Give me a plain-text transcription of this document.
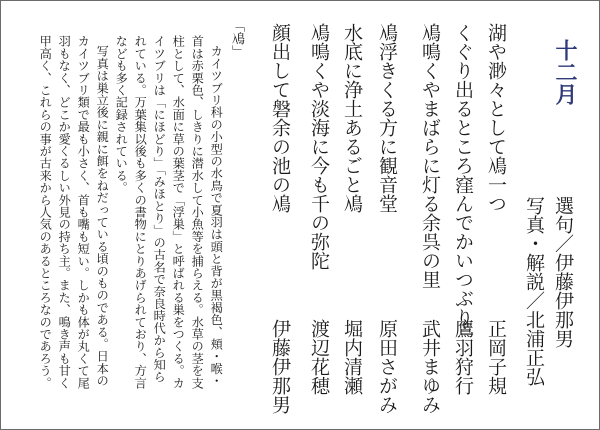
十二月
選句／伊藤伊那男
写真・解説／北浦正弘
湖や渺々として鳰一つ
正岡子規
くぐり出るところ窪んでかいつぶり
鷹羽狩行
鳰鳴くやまばらに灯る余呉の里
武井まゆみ
鳰浮きくる方に観音堂
原田さがみ
水底に浄土あるごと鳰
堀内清瀬
鳰鳴くや淡海に今も千の弥陀
渡辺花穂
顔出して磐余の池の鳰
伊藤伊那男
「鳰」
カイツブリ科の小型の水鳥で夏羽は頭と背が黒褐色、頬・喉・
首は赤栗色、しきりに潜水して小魚等を捕らえる。水草の茎を支
柱として、水面に草の葉茎で「浮巣」と呼ばれる巣をつくる。カ
イツブリは「にほどり」「みほとり」の古名で奈良時代から知ら
れている。万葉集以後も多くの書物にとりあげられており、方言
なども多く記録されている。
写真は巣立後に親に餌をねだっている頃のものである。日本の
カイツブリ類で最も小さく、首も嘴も短い。しかも体が丸くて尾
羽もなく、どこか愛くるしい外見の持ち主。また、鳴き声も甘く
甲高く、これらの事が古来から人気のあるところなのであろう。
